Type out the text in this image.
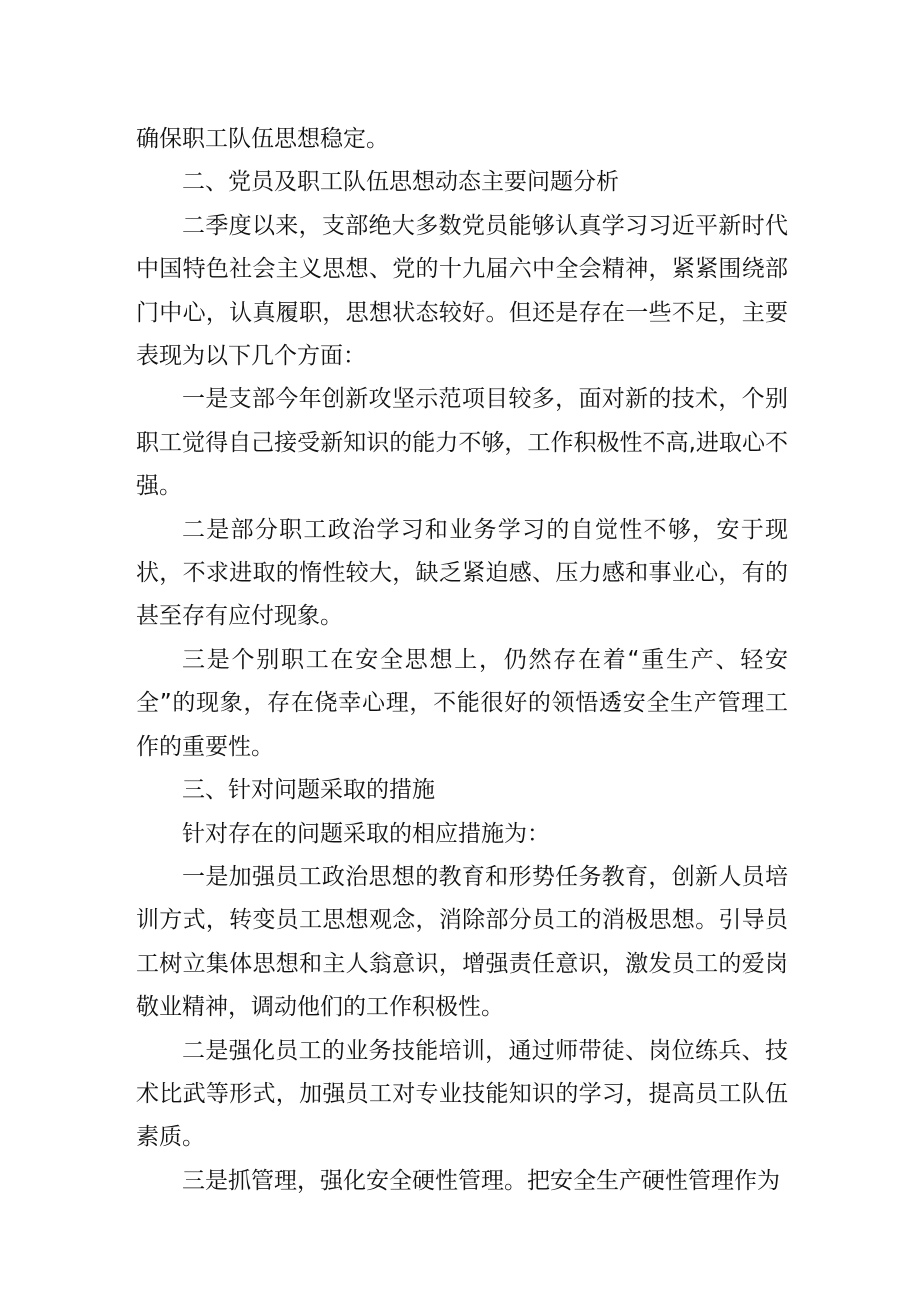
确保职工队伍思想稳定。

二、党员及职工队伍思想动态主要问题分析

二季度以来，支部绝大多数党员能够认真学习习近平新时代中国特色社会主义思想、党的十九届六中全会精神，紧紧围绕部门中心，认真履职，思想状态较好。但还是存在一些不足，主要表现为以下几个方面：

一是支部今年创新攻坚示范项目较多，面对新的技术，个别职工觉得自己接受新知识的能力不够，工作积极性不高,进取心不强。

二是部分职工政治学习和业务学习的自觉性不够，安于现状，不求进取的惰性较大，缺乏紧迫感、压力感和事业心，有的甚至存有应付现象。

三是个别职工在安全思想上，仍然存在着“重生产、轻安全”的现象，存在侥幸心理，不能很好的领悟透安全生产管理工作的重要性。

三、针对问题采取的措施

针对存在的问题采取的相应措施为：

一是加强员工政治思想的教育和形势任务教育，创新人员培训方式，转变员工思想观念，消除部分员工的消极思想。引导员工树立集体思想和主人翁意识，增强责任意识，激发员工的爱岗敬业精神，调动他们的工作积极性。

二是强化员工的业务技能培训，通过师带徒、岗位练兵、技术比武等形式，加强员工对专业技能知识的学习，提高员工队伍素质。

三是抓管理，强化安全硬性管理。把安全生产硬性管理作为
